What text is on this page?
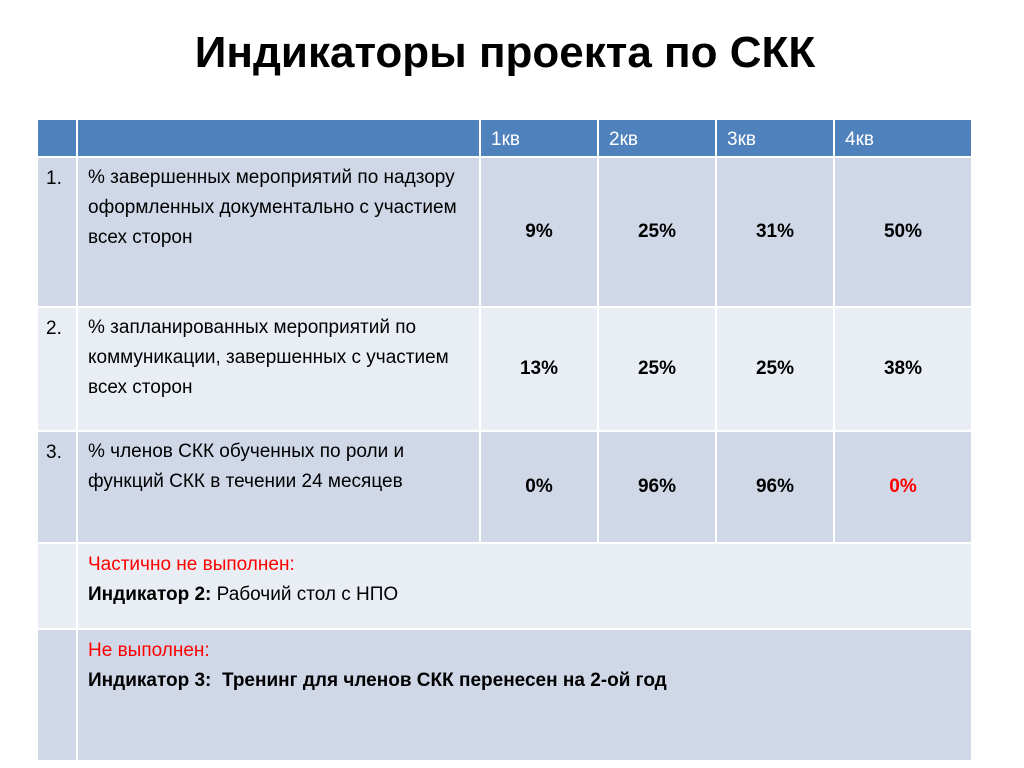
Индикаторы проекта по СКК
		1кв	2кв	3кв	4кв
1.	% завершенных мероприятий по надзору оформленных документально с участием всех сторон	9%	25%	31%	50%
2.	% запланированных мероприятий по коммуникации, завершенных с участием всех сторон	13%	25%	25%	38%
3.	% членов СКК обученных по роли и функций СКК в течении 24 месяцев	0%	96%	96%	0%

	Частично не выполнен:
Индикатор 2: Рабочий стол с НПО				

	Не выполнен:
Индикатор 3:  Тренинг для членов СКК перенесен на 2-ой год				
